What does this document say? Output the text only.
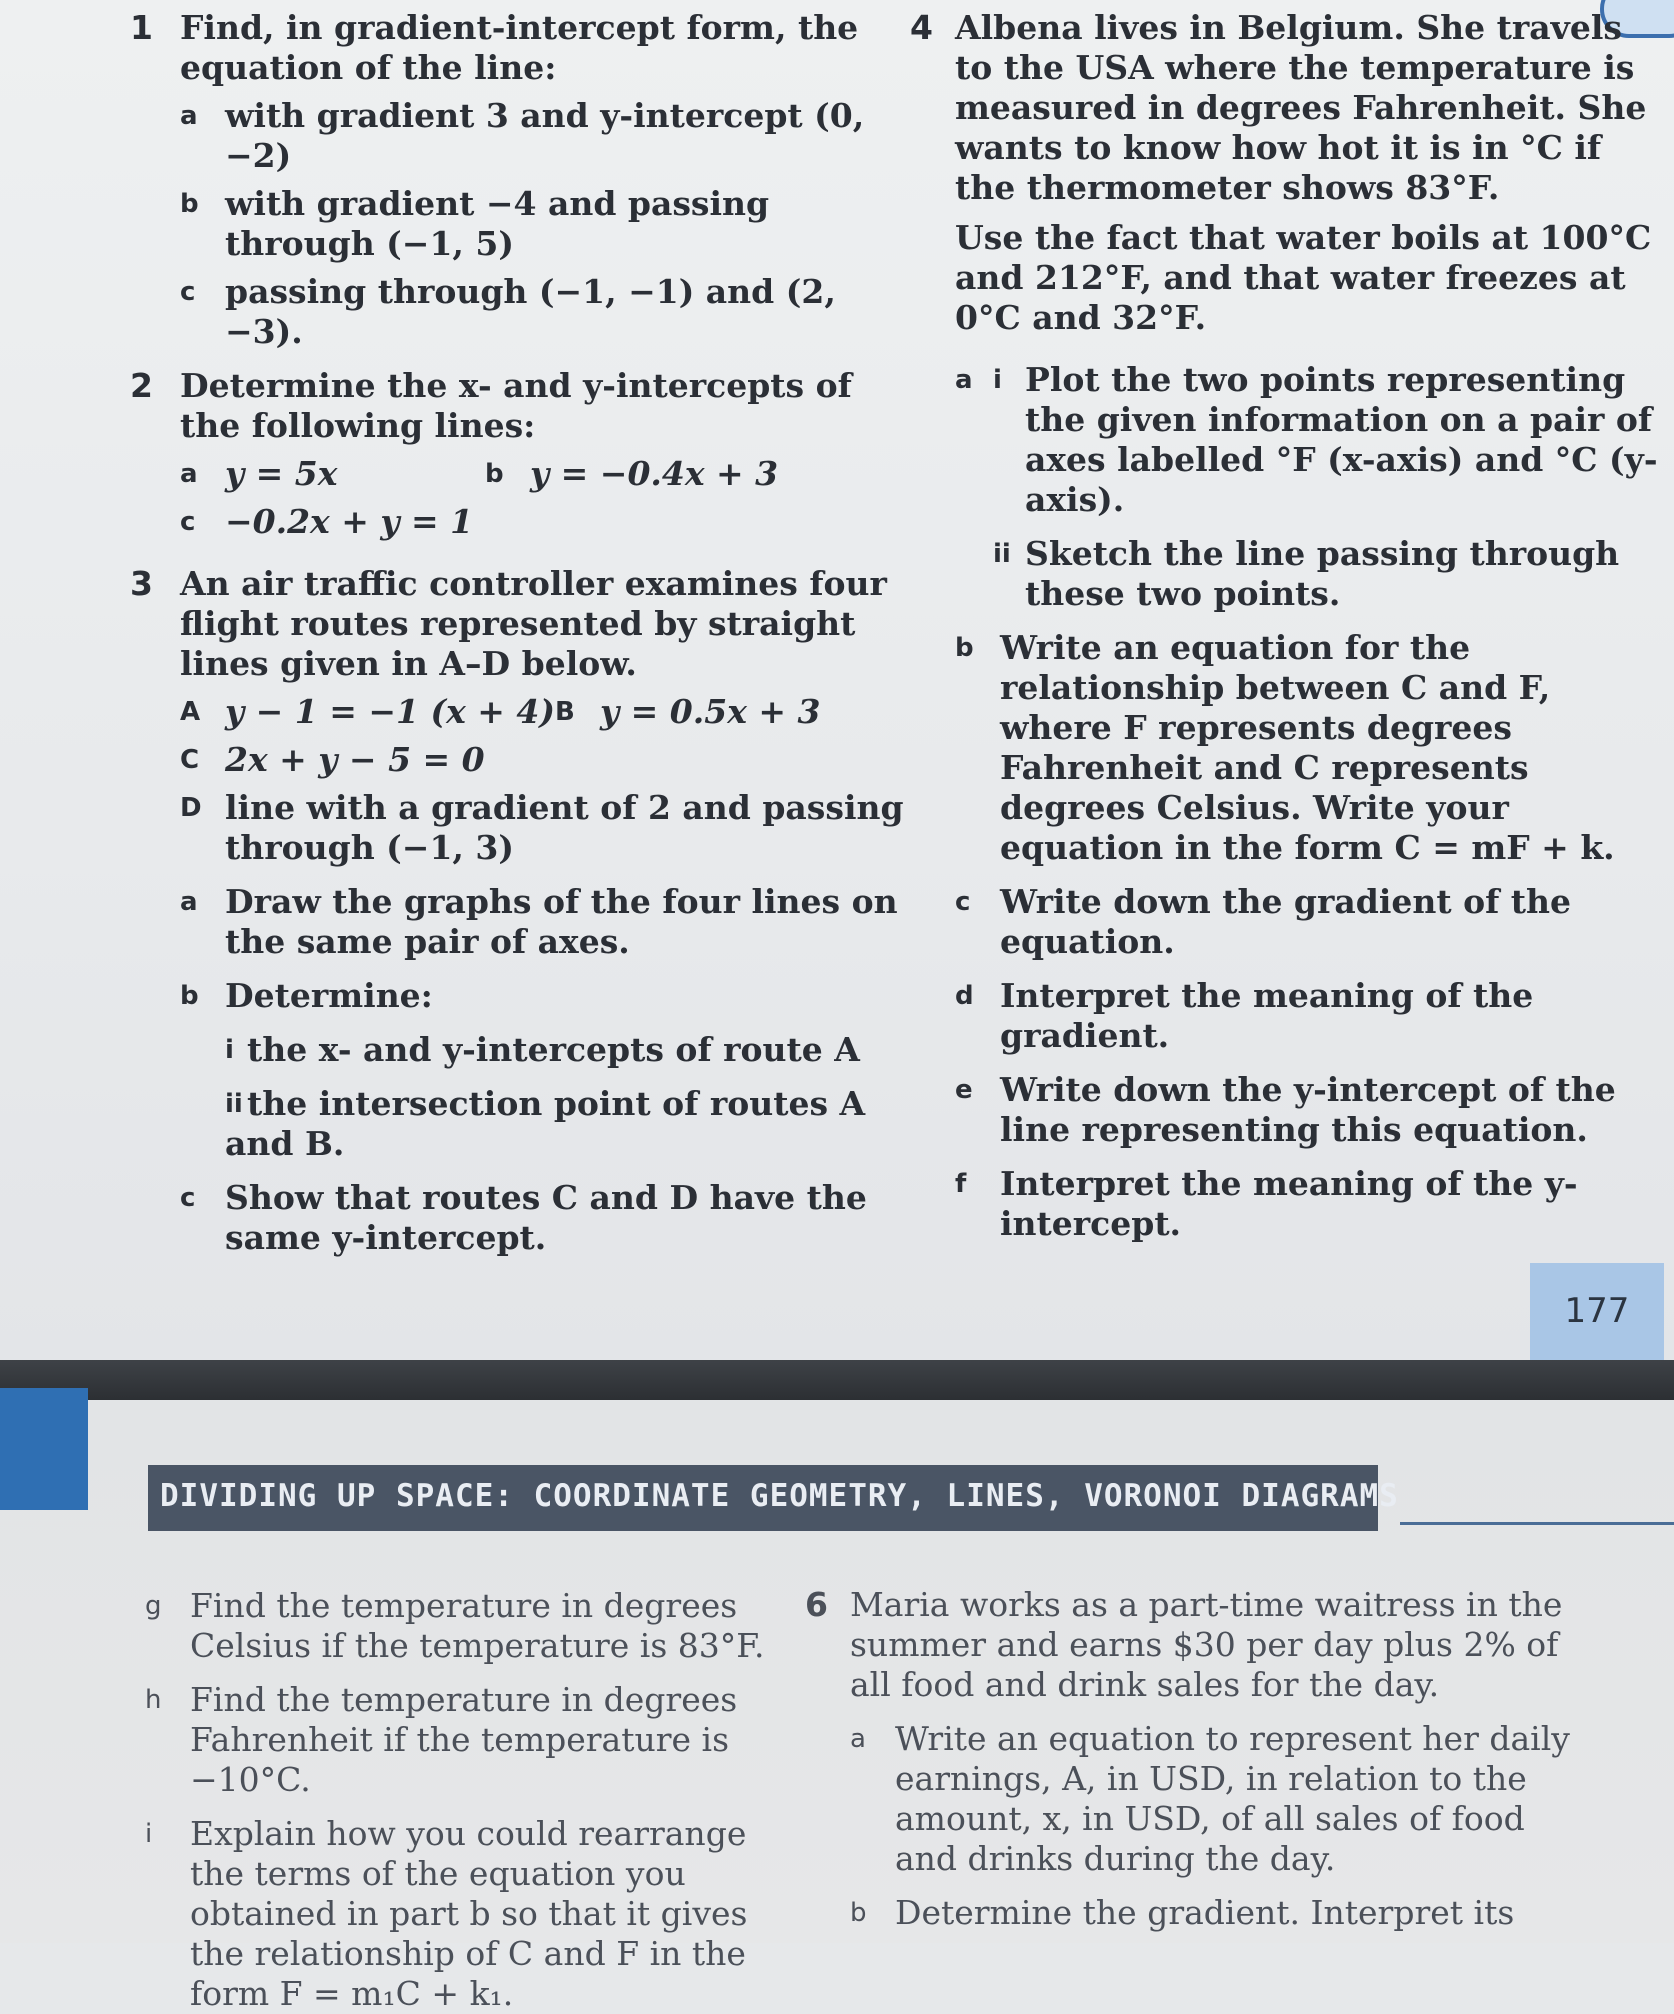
1 Find, in gradient-intercept form, the equation of the line:
a with gradient 3 and y-intercept (0, −2)
b with gradient −4 and passing through (−1, 5)
c passing through (−1, −1) and (2, −3).
2 Determine the x- and y-intercepts of the following lines:
a y = 5x	b y = −0.4x + 3
c −0.2x + y = 1
3 An air traffic controller examines four flight routes represented by straight lines given in A–D below.
A y − 1 = −1 (x + 4) B y = 0.5x + 3
C 2x + y − 5 = 0
D line with a gradient of 2 and passing through (−1, 3)
a Draw the graphs of the four lines on the same pair of axes.
b Determine:
i the x- and y-intercepts of route A
ii the intersection point of routes A and B.
c Show that routes C and D have the same y-intercept.
4 Albena lives in Belgium. She travels to the USA where the temperature is measured in degrees Fahrenheit. She wants to know how hot it is in °C if the thermometer shows 83°F.
Use the fact that water boils at 100°C and 212°F, and that water freezes at 0°C and 32°F.
a i Plot the two points representing the given information on a pair of axes labelled °F (x-axis) and °C (y-axis).
ii Sketch the line passing through these two points.
b Write an equation for the relationship between C and F, where F represents degrees Fahrenheit and C represents degrees Celsius. Write your equation in the form C = mF + k.
c Write down the gradient of the equation.
d Interpret the meaning of the gradient.
e Write down the y-intercept of the line representing this equation.
f Interpret the meaning of the y-intercept.
177
DIVIDING UP SPACE: COORDINATE GEOMETRY, LINES, VORONOI DIAGRAMS
g Find the temperature in degrees Celsius if the temperature is 83°F.
h Find the temperature in degrees Fahrenheit if the temperature is −10°C.
i Explain how you could rearrange the terms of the equation you obtained in part b so that it gives the relationship of C and F in the form F = m₁C + k₁.
6 Maria works as a part-time waitress in the summer and earns $30 per day plus 2% of all food and drink sales for the day.
a Write an equation to represent her daily earnings, A, in USD, in relation to the amount, x, in USD, of all sales of food and drinks during the day.
b Determine the gradient. Interpret its
